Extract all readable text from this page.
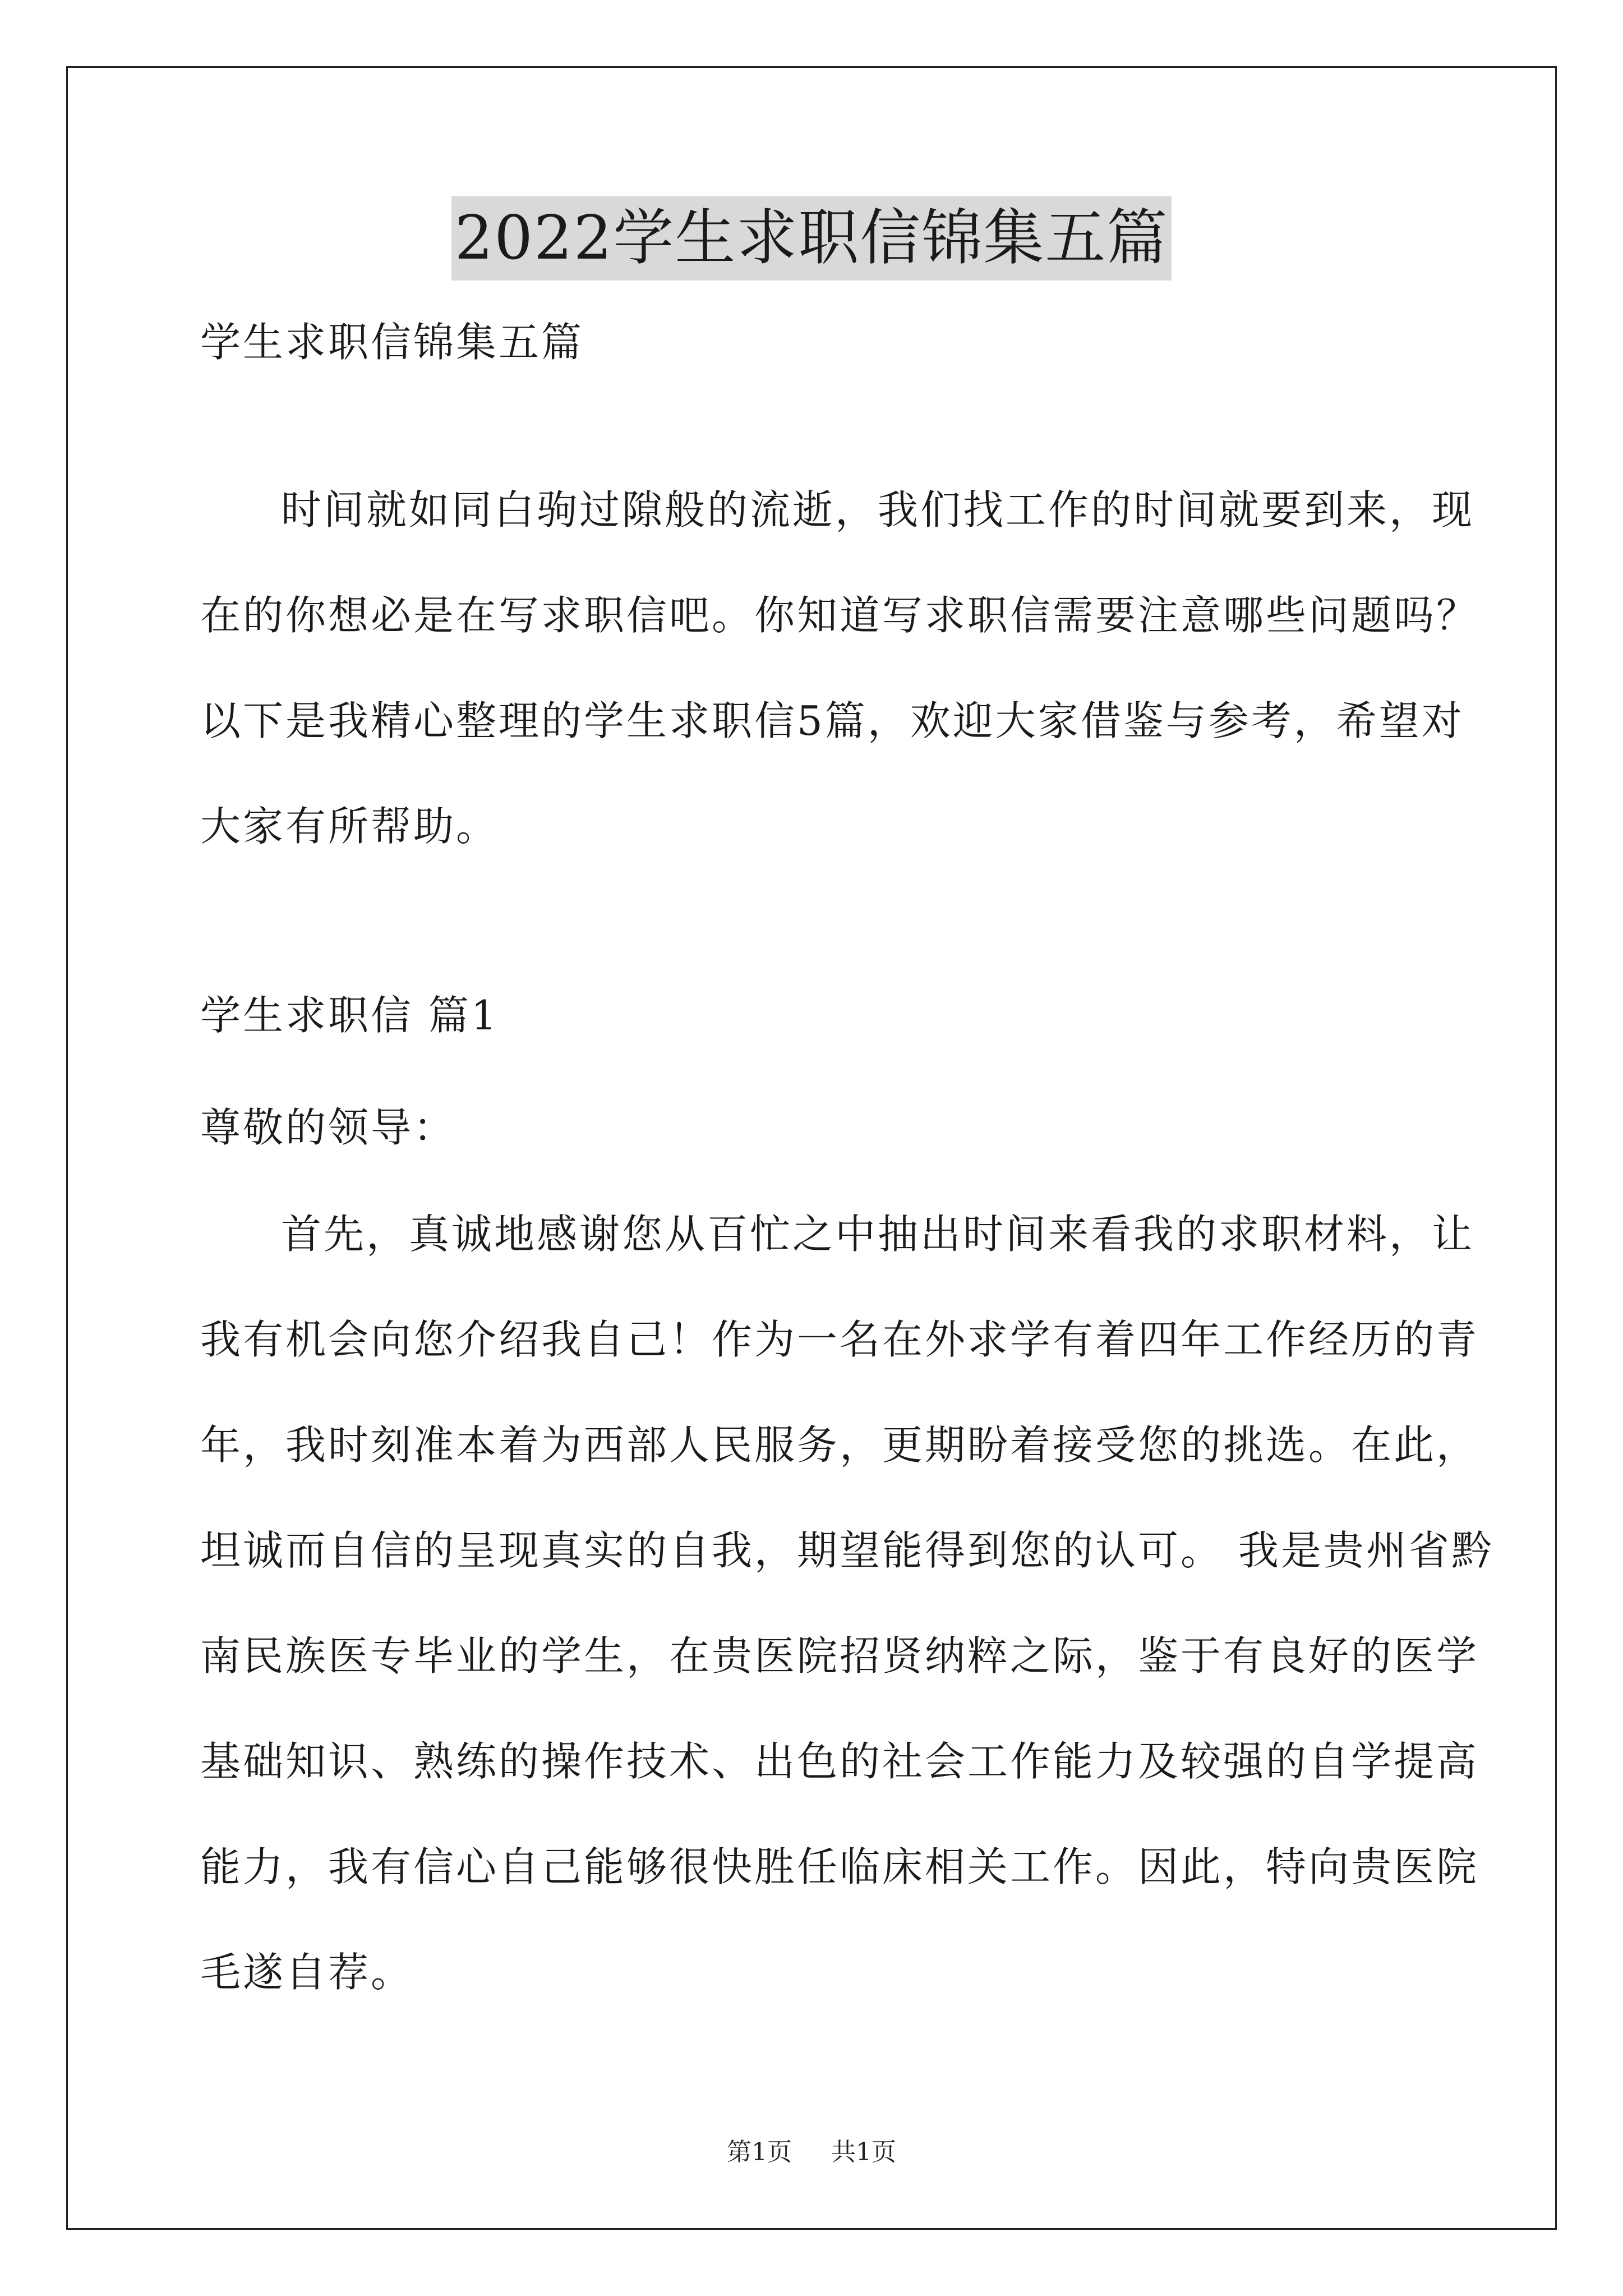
2022学生求职信锦集五篇
学生求职信锦集五篇
时间就如同白驹过隙般的流逝，我们找工作的时间就要到来，现
在的你想必是在写求职信吧。你知道写求职信需要注意哪些问题吗？
以下是我精心整理的学生求职信5篇，欢迎大家借鉴与参考，希望对
大家有所帮助。
学生求职信 篇1
尊敬的领导：
首先，真诚地感谢您从百忙之中抽出时间来看我的求职材料，让
我有机会向您介绍我自己！作为一名在外求学有着四年工作经历的青
年，我时刻准本着为西部人民服务，更期盼着接受您的挑选。在此，
坦诚而自信的呈现真实的自我，期望能得到您的认可。 我是贵州省黔
南民族医专毕业的学生，在贵医院招贤纳粹之际，鉴于有良好的医学
基础知识、熟练的操作技术、出色的社会工作能力及较强的自学提高
能力，我有信心自己能够很快胜任临床相关工作。因此，特向贵医院
毛遂自荐。
第1页 共1页
